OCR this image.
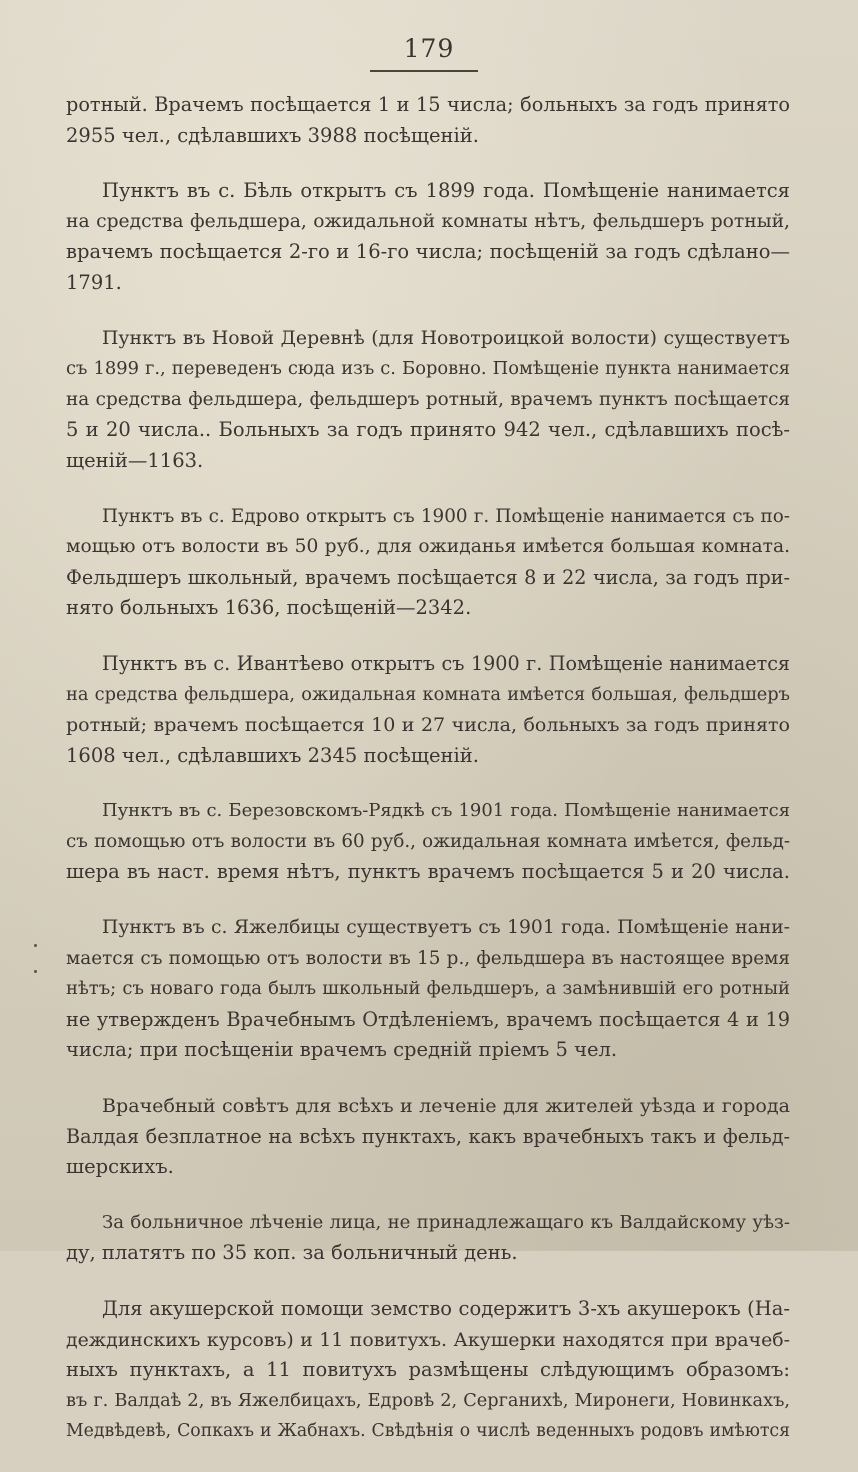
179

ротный. Врачемъ посѣщается 1 и 15 числа; больныхъ за годъ принято
2955 чел., сдѣлавшихъ 3988 посѣщеній.

Пунктъ въ с. Бѣль открытъ съ 1899 года. Помѣщеніе нанимается
на средства фельдшера, ожидальной комнаты нѣтъ, фельдшеръ ротный,
врачемъ посѣщается 2-го и 16-го числа; посѣщеній за годъ сдѣлано—
1791.

Пунктъ въ Новой Деревнѣ (для Новотроицкой волости) существуетъ
съ 1899 г., переведенъ сюда изъ с. Боровно. Помѣщеніе пункта нанимается
на средства фельдшера, фельдшеръ ротный, врачемъ пунктъ посѣщается
5 и 20 числа.. Больныхъ за годъ принято 942 чел., сдѣлавшихъ посѣ-
щеній—1163.

Пунктъ въ с. Едрово открытъ съ 1900 г. Помѣщеніе нанимается съ по-
мощью отъ волости въ 50 руб., для ожиданья имѣется большая комната.
Фельдшеръ школьный, врачемъ посѣщается 8 и 22 числа, за годъ при-
нято больныхъ 1636, посѣщеній—2342.

Пунктъ въ с. Ивантѣево открытъ съ 1900 г. Помѣщеніе нанимается
на средства фельдшера, ожидальная комната имѣется большая, фельдшеръ
ротный; врачемъ посѣщается 10 и 27 числа, больныхъ за годъ принято
1608 чел., сдѣлавшихъ 2345 посѣщеній.

Пунктъ въ с. Березовскомъ-Рядкѣ съ 1901 года. Помѣщеніе нанимается
съ помощью отъ волости въ 60 руб., ожидальная комната имѣется, фельд-
шера въ наст. время нѣтъ, пунктъ врачемъ посѣщается 5 и 20 числа.

Пунктъ въ с. Яжелбицы существуетъ съ 1901 года. Помѣщеніе нани-
мается съ помощью отъ волости въ 15 р., фельдшера въ настоящее время
нѣтъ; съ новаго года былъ школьный фельдшеръ, а замѣнившій его ротный
не утвержденъ Врачебнымъ Отдѣленіемъ, врачемъ посѣщается 4 и 19
числа; при посѣщеніи врачемъ средній пріемъ 5 чел.

Врачебный совѣтъ для всѣхъ и леченіе для жителей уѣзда и города
Валдая безплатное на всѣхъ пунктахъ, какъ врачебныхъ такъ и фельд-
шерскихъ.

За больничное лѣченіе лица, не принадлежащаго къ Валдайскому уѣз-
ду, платятъ по 35 коп. за больничный день.

Для акушерской помощи земство содержитъ 3-хъ акушерокъ (На-
деждинскихъ курсовъ) и 11 повитухъ. Акушерки находятся при врачеб-
ныхъ пунктахъ, а 11 повитухъ размѣщены слѣдующимъ образомъ:
въ г. Валдаѣ 2, въ Яжелбицахъ, Едровѣ 2, Серганихѣ, Миронеги, Новинкахъ,
Медвѣдевѣ, Сопкахъ и Жабнахъ. Свѣдѣнія о числѣ веденныхъ родовъ имѣются
